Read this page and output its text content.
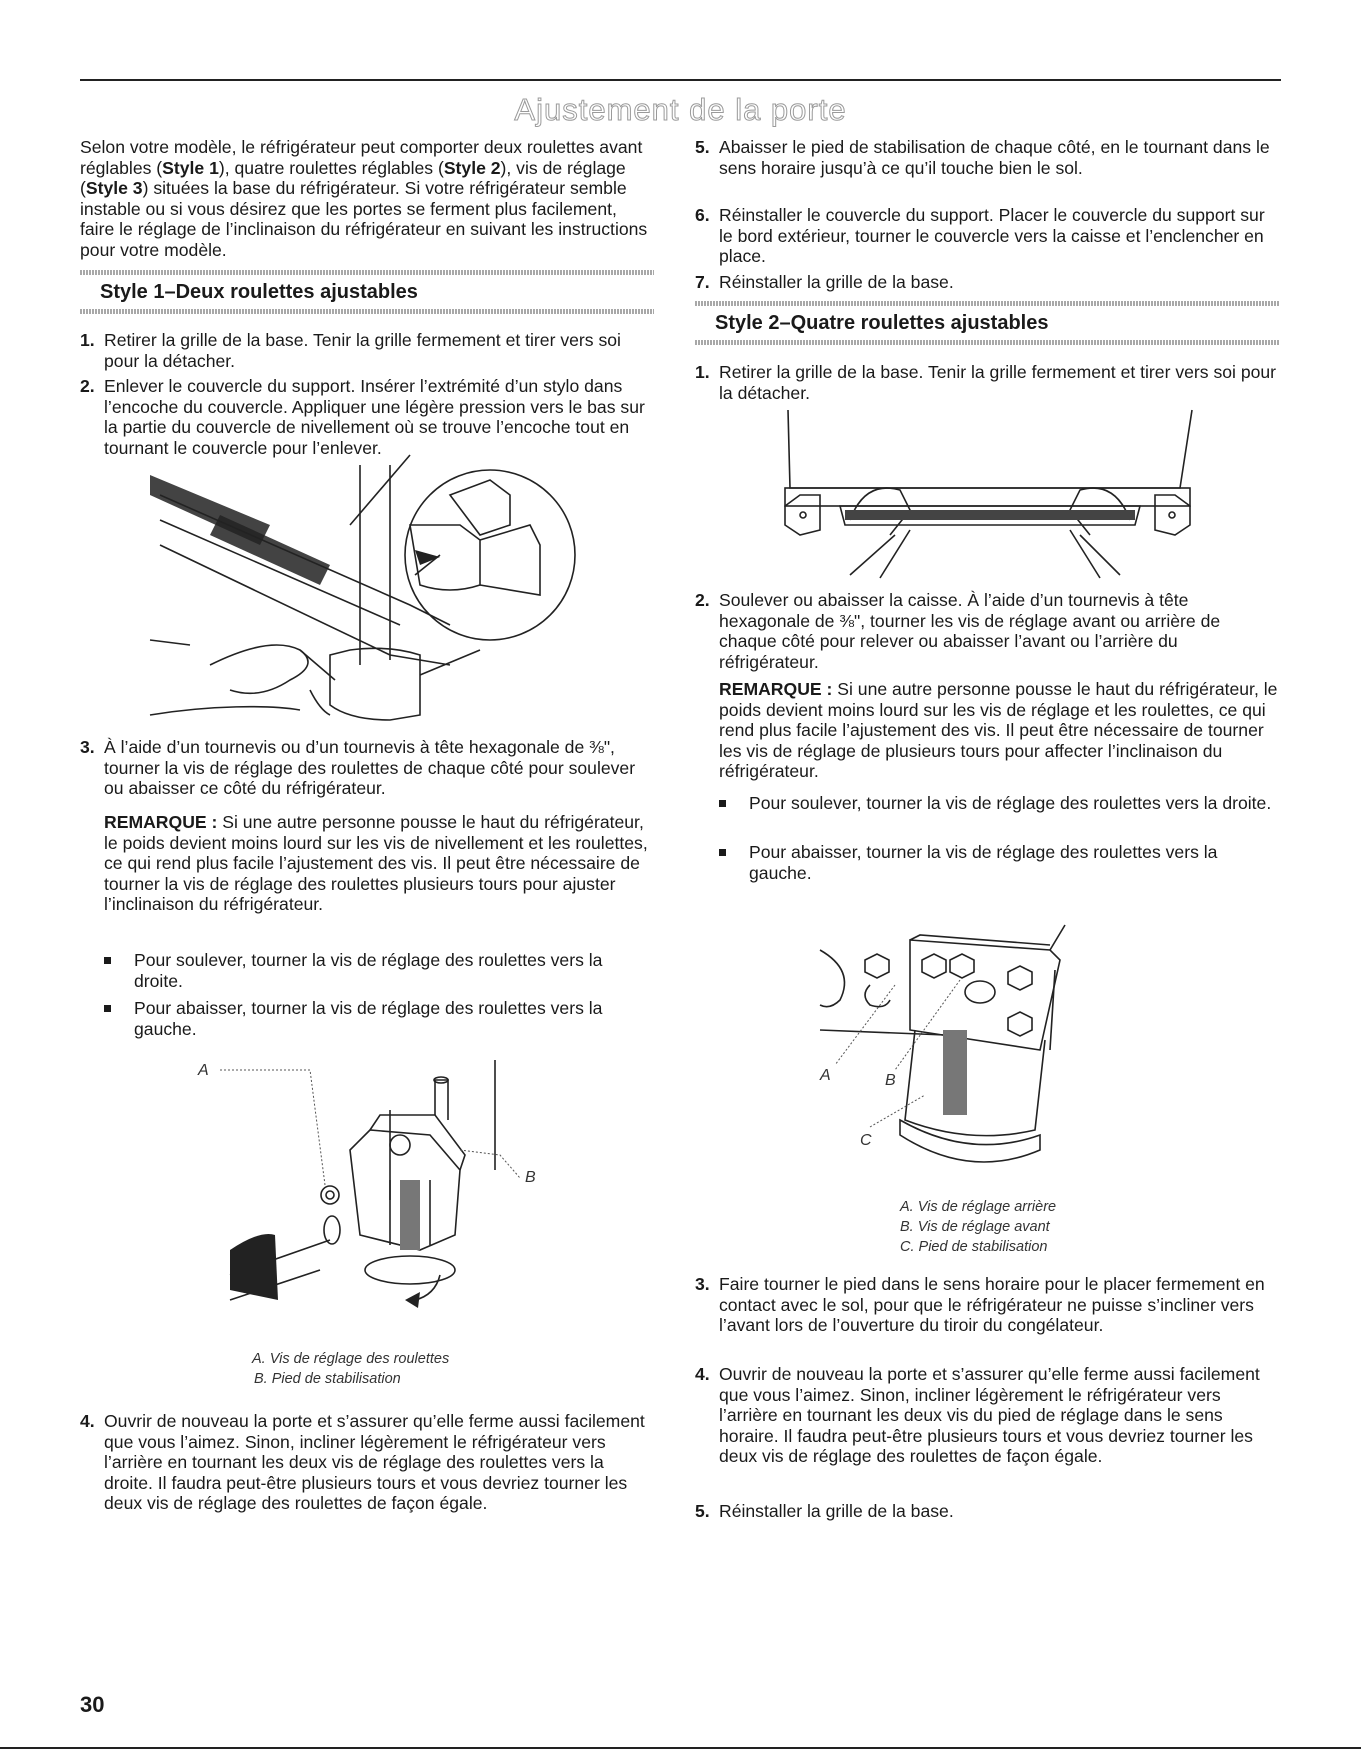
Ajustement de la porte

Selon votre modèle, le réfrigérateur peut comporter deux roulettes avant réglables (Style 1), quatre roulettes réglables (Style 2), vis de réglage (Style 3) situées la base du réfrigérateur. Si votre réfrigérateur semble instable ou si vous désirez que les portes se ferment plus facilement, faire le réglage de l’inclinaison du réfrigérateur en suivant les instructions pour votre modèle.

Style 1–Deux roulettes ajustables
1. Retirer la grille de la base. Tenir la grille fermement et tirer vers soi pour la détacher.
2. Enlever le couvercle du support. Insérer l’extrémité d’un stylo dans l’encoche du couvercle. Appliquer une légère pression vers le bas sur la partie du couvercle de nivellement où se trouve l’encoche tout en tournant le couvercle pour l’enlever.
3. À l’aide d’un tournevis ou d’un tournevis à tête hexagonale de ⅜", tourner la vis de réglage des roulettes de chaque côté pour soulever ou abaisser ce côté du réfrigérateur.
REMARQUE : Si une autre personne pousse le haut du réfrigérateur, le poids devient moins lourd sur les vis de nivellement et les roulettes, ce qui rend plus facile l’ajustement des vis. Il peut être nécessaire de tourner la vis de réglage des roulettes plusieurs tours pour ajuster l’inclinaison du réfrigérateur.
Pour soulever, tourner la vis de réglage des roulettes vers la droite.
Pour abaisser, tourner la vis de réglage des roulettes vers la gauche.
A
B
A. Vis de réglage des roulettes
B. Pied de stabilisation
4. Ouvrir de nouveau la porte et s’assurer qu’elle ferme aussi facilement que vous l’aimez. Sinon, incliner légèrement le réfrigérateur vers l’arrière en tournant les deux vis de réglage des roulettes vers la droite. Il faudra peut-être plusieurs tours et vous devriez tourner les deux vis de réglage des roulettes de façon égale.
5. Abaisser le pied de stabilisation de chaque côté, en le tournant dans le sens horaire jusqu’à ce qu’il touche bien le sol.
6. Réinstaller le couvercle du support. Placer le couvercle du support sur le bord extérieur, tourner le couvercle vers la caisse et l’enclencher en place.
7. Réinstaller la grille de la base.
Style 2–Quatre roulettes ajustables
1. Retirer la grille de la base. Tenir la grille fermement et tirer vers soi pour la détacher.
2. Soulever ou abaisser la caisse. À l’aide d’un tournevis à tête hexagonale de ⅜", tourner les vis de réglage avant ou arrière de chaque côté pour relever ou abaisser l’avant ou l’arrière du réfrigérateur.
REMARQUE : Si une autre personne pousse le haut du réfrigérateur, le poids devient moins lourd sur les vis de réglage et les roulettes, ce qui rend plus facile l’ajustement des vis. Il peut être nécessaire de tourner les vis de réglage de plusieurs tours pour affecter l’inclinaison du réfrigérateur.
Pour soulever, tourner la vis de réglage des roulettes vers la droite.
Pour abaisser, tourner la vis de réglage des roulettes vers la gauche.
A	B
C
A. Vis de réglage arrière
B. Vis de réglage avant
C. Pied de stabilisation
3. Faire tourner le pied dans le sens horaire pour le placer fermement en contact avec le sol, pour que le réfrigérateur ne puisse s’incliner vers l’avant lors de l’ouverture du tiroir du congélateur.
4. Ouvrir de nouveau la porte et s’assurer qu’elle ferme aussi facilement que vous l’aimez. Sinon, incliner légèrement le réfrigérateur vers l’arrière en tournant les deux vis du pied de réglage dans le sens horaire. Il faudra peut-être plusieurs tours et vous devriez tourner les deux vis de réglage des roulettes de façon égale.
5. Réinstaller la grille de la base.
30
